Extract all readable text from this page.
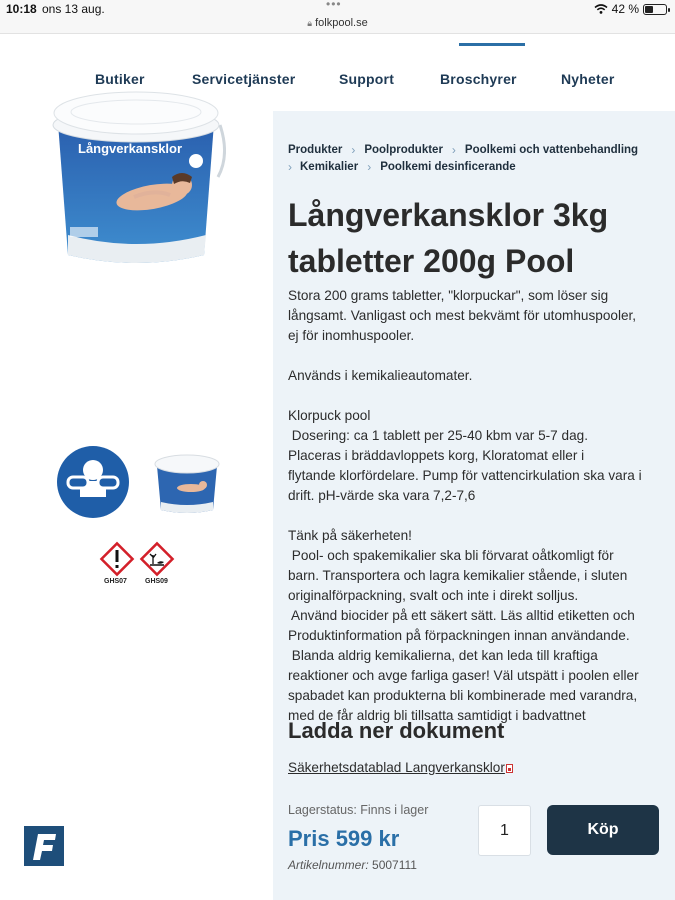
10:18 ons 13 aug.	•••
🔒︎ folkpool.se
42 %
Butiker	Servicetjänster	Support	Broschyrer	Nyheter
Långverkansklor
GHS07	GHS09
Produkter › Poolprodukter › Poolkemi och vattenbehandling
› Kemikalier › Poolkemi desinficerande
Långverkansklor 3kg
tabletter 200g Pool
Stora 200 grams tabletter, "klorpuckar", som löser sig
långsamt. Vanligast och mest bekvämt för utomhuspooler,
ej för inomhuspooler.
Används i kemikalieautomater.
Klorpuck pool
Dosering: ca 1 tablett per 25-40 kbm var 5-7 dag.
Placeras i bräddavloppets korg, Kloratomat eller i
flytande klorfördelare. Pump för vattencirkulation ska vara i
drift. pH-värde ska vara 7,2-7,6
Tänk på säkerheten!
Pool- och spakemikalier ska bli förvarat oåtkomligt för
barn. Transportera och lagra kemikalier stående, i sluten
originalförpackning, svalt och inte i direkt solljus.
Använd biocider på ett säkert sätt. Läs alltid etiketten och
Produktinformation på förpackningen innan användande.
Blanda aldrig kemikalierna, det kan leda till kraftiga
reaktioner och avge farliga gaser! Väl utspätt i poolen eller
spabadet kan produkterna bli kombinerade med varandra,
med de får aldrig bli tillsatta samtidigt i badvattnet
Ladda ner dokument
Säkerhetsdatablad Langverkansklor
Lagerstatus: Finns i lager
Pris 599 kr
Artikelnummer: 5007111
1	Köp
